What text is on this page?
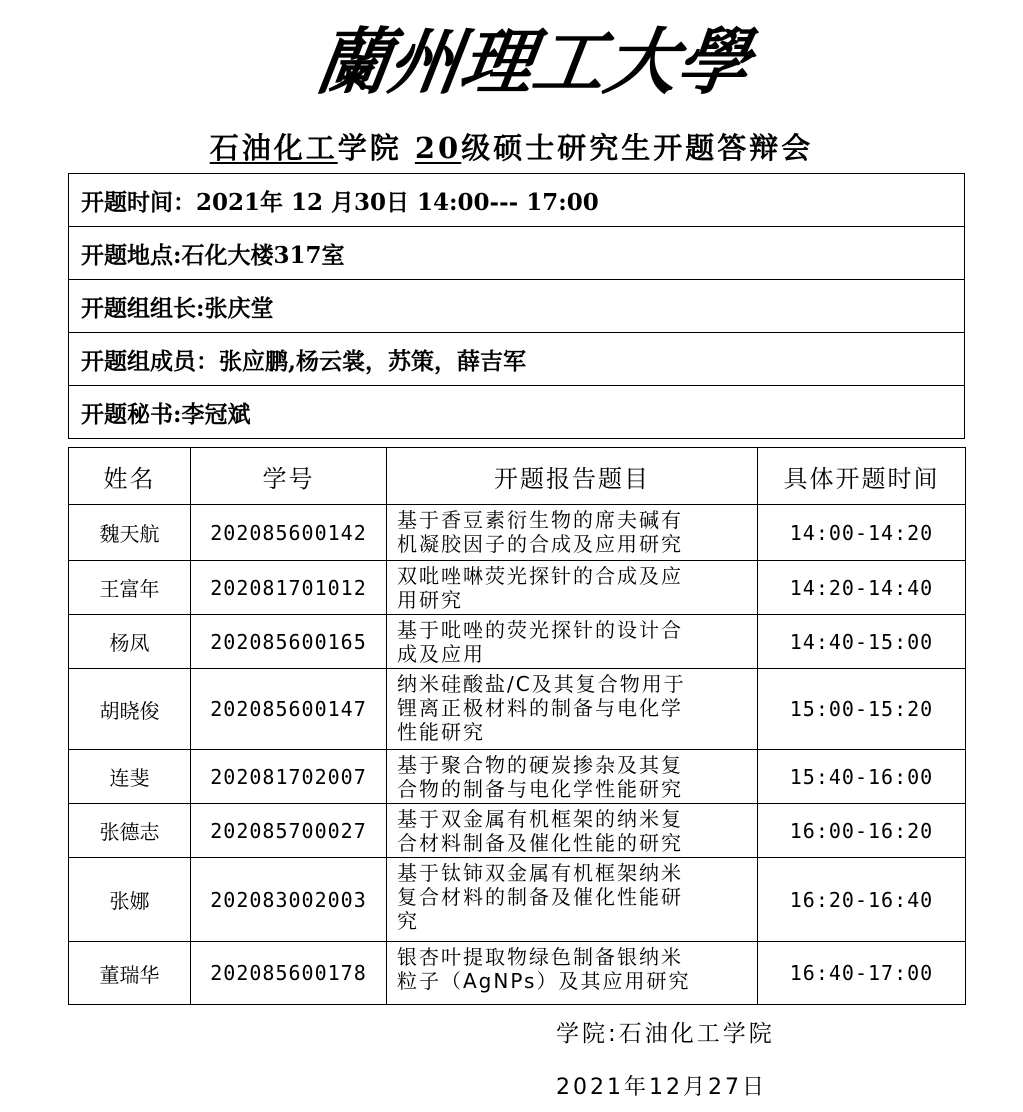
蘭
州
理
工
大
學
石油化工学院 20级硕士研究生开题答辩会
开题时间：2021年 12 月30日 14:00--- 17:00
开题地点:石化大楼317室
开题组组长:张庆堂
开题组成员：张应鹏,杨云裳，苏策，薛吉军
开题秘书:李冠斌
姓名	学号	开题报告题目	具体开题时间
魏天航	202085600142	基于香豆素衍生物的席夫碱有
机凝胶因子的合成及应用研究	14:00-14:20
王富年	202081701012	双吡唑啉荧光探针的合成及应
用研究	14:20-14:40
杨凤	202085600165	基于吡唑的荧光探针的设计合
成及应用	14:40-15:00
胡晓俊	202085600147	纳米硅酸盐/C及其复合物用于
锂离正极材料的制备与电化学
性能研究	15:00-15:20
连斐	202081702007	基于聚合物的硬炭掺杂及其复
合物的制备与电化学性能研究	15:40-16:00
张德志	202085700027	基于双金属有机框架的纳米复
合材料制备及催化性能的研究	16:00-16:20
张娜	202083002003	基于钛铈双金属有机框架纳米
复合材料的制备及催化性能研
究	16:20-16:40
董瑞华	202085600178	银杏叶提取物绿色制备银纳米
粒子（AgNPs）及其应用研究	16:40-17:00
学院:石油化工学院
2021年12月27日
